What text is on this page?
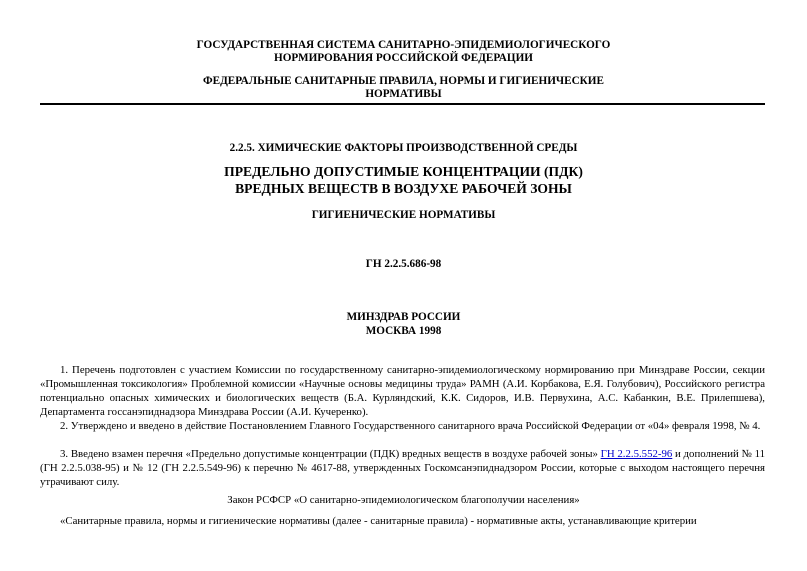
ГОСУДАРСТВЕННАЯ СИСТЕМА САНИТАРНО-ЭПИДЕМИОЛОГИЧЕСКОГО
НОРМИРОВАНИЯ РОССИЙСКОЙ ФЕДЕРАЦИИ
ФЕДЕРАЛЬНЫЕ САНИТАРНЫЕ ПРАВИЛА, НОРМЫ И ГИГИЕНИЧЕСКИЕ
НОРМАТИВЫ
2.2.5. ХИМИЧЕСКИЕ ФАКТОРЫ ПРОИЗВОДСТВЕННОЙ СРЕДЫ
ПРЕДЕЛЬНО ДОПУСТИМЫЕ КОНЦЕНТРАЦИИ (ПДК)
ВРЕДНЫХ ВЕЩЕСТВ В ВОЗДУХЕ РАБОЧЕЙ ЗОНЫ
ГИГИЕНИЧЕСКИЕ НОРМАТИВЫ
ГН 2.2.5.686-98
МИНЗДРАВ РОССИИ
МОСКВА 1998
1. Перечень подготовлен с участием Комиссии по государственному санитарно-эпидемиологическому нормированию при Минздраве России, секции «Промышленная токсикология» Проблемной комиссии «Научные основы медицины труда» РАМН (А.И. Корбакова, Е.Я. Голубович), Российского регистра потенциально опасных химических и биологических веществ (Б.А. Курляндский, К.К. Сидоров, И.В. Первухина, А.С. Кабанкин, В.Е. Прилепшева), Департамента госсанэпиднадзора Минздрава России (А.И. Кучеренко).
2. Утверждено и введено в действие Постановлением Главного Государственного санитарного врача Российской Федерации от «04» февраля 1998, № 4.
3. Введено взамен перечня «Предельно допустимые концентрации (ПДК) вредных веществ в воздухе рабочей зоны» ГН 2.2.5.552-96 и дополнений № 11 (ГН 2.2.5.038-95) и № 12 (ГН 2.2.5.549-96) к перечню № 4617-88, утвержденных Госкомсанэпиднадзором России, которые с выходом настоящего перечня утрачивают силу.
Закон РСФСР «О санитарно-эпидемиологическом благополучии населения»
«Санитарные правила, нормы и гигиенические нормативы (далее - санитарные правила) - нормативные акты, устанавливающие критерии
